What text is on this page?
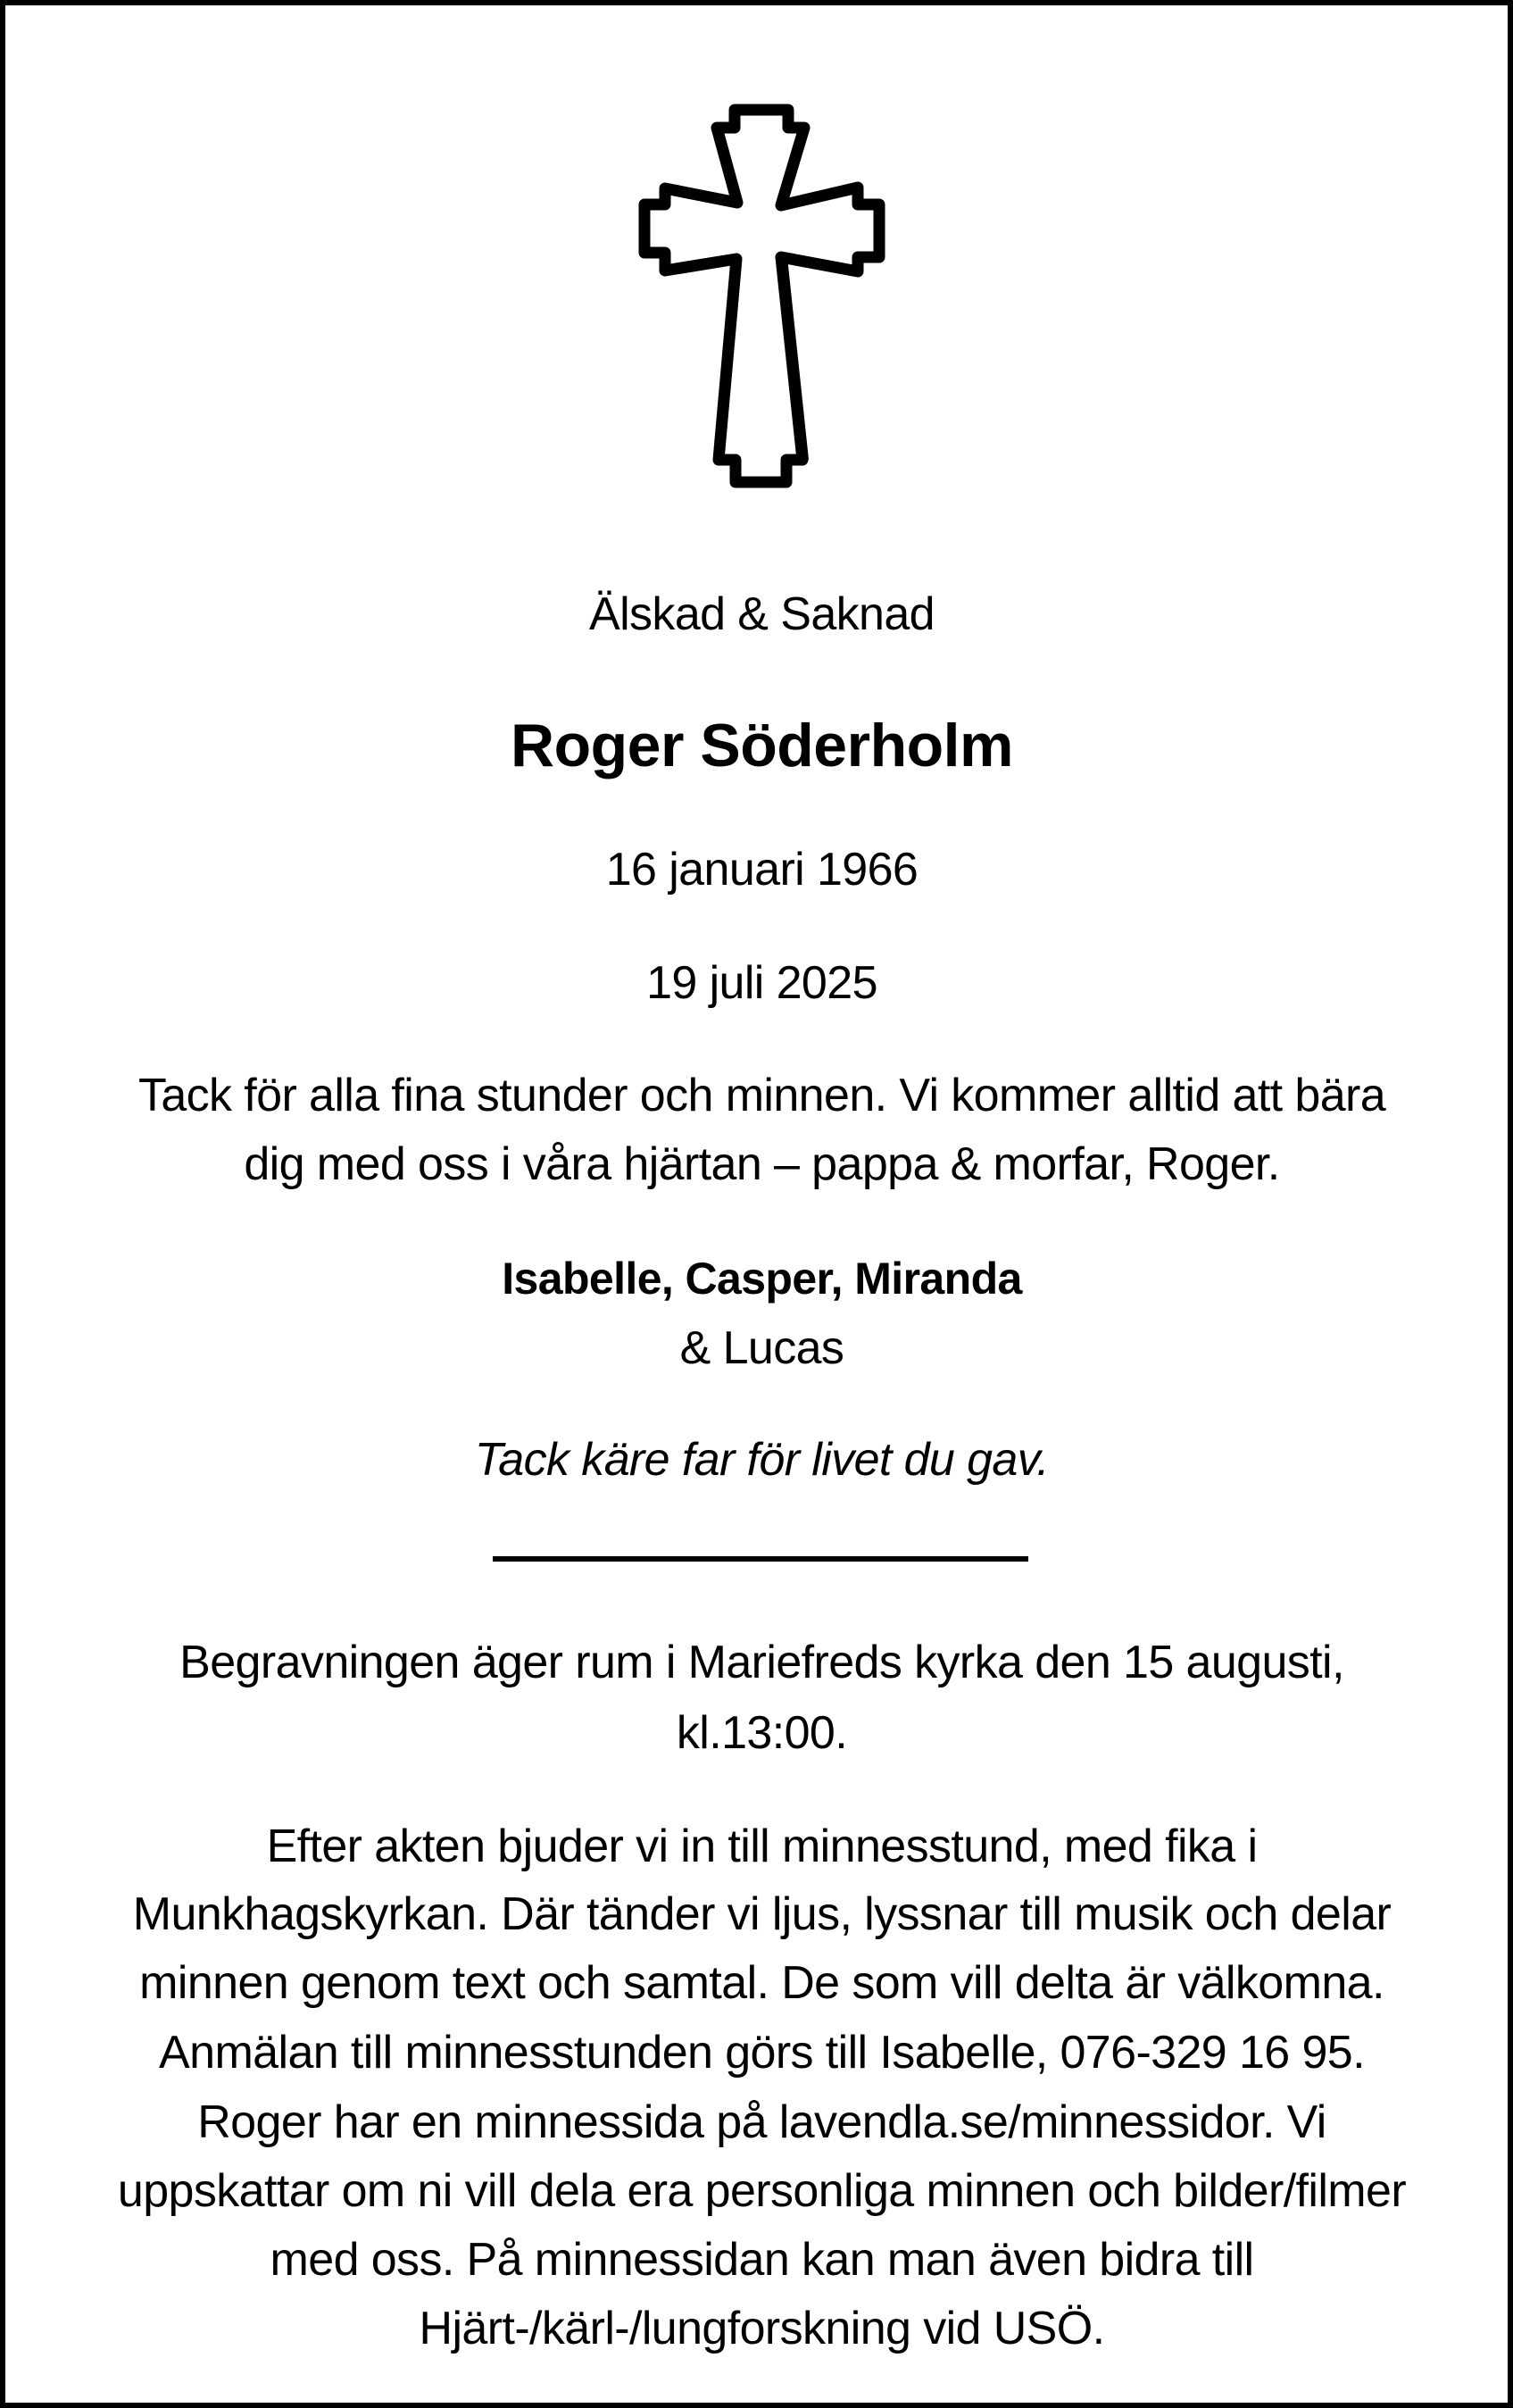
Älskad & Saknad
Roger Söderholm
16 januari 1966
19 juli 2025
Tack för alla fina stunder och minnen. Vi kommer alltid att bära
dig med oss i våra hjärtan – pappa & morfar, Roger.
Isabelle, Casper, Miranda
& Lucas
Tack käre far för livet du gav.
Begravningen äger rum i Mariefreds kyrka den 15 augusti,
kl.13:00.
Efter akten bjuder vi in till minnesstund, med fika i
Munkhagskyrkan. Där tänder vi ljus, lyssnar till musik och delar
minnen genom text och samtal. De som vill delta är välkomna.
Anmälan till minnesstunden görs till Isabelle, 076-329 16 95.
Roger har en minnessida på lavendla.se/minnessidor. Vi
uppskattar om ni vill dela era personliga minnen och bilder/filmer
med oss. På minnessidan kan man även bidra till
Hjärt-/kärl-/lungforskning vid USÖ.
